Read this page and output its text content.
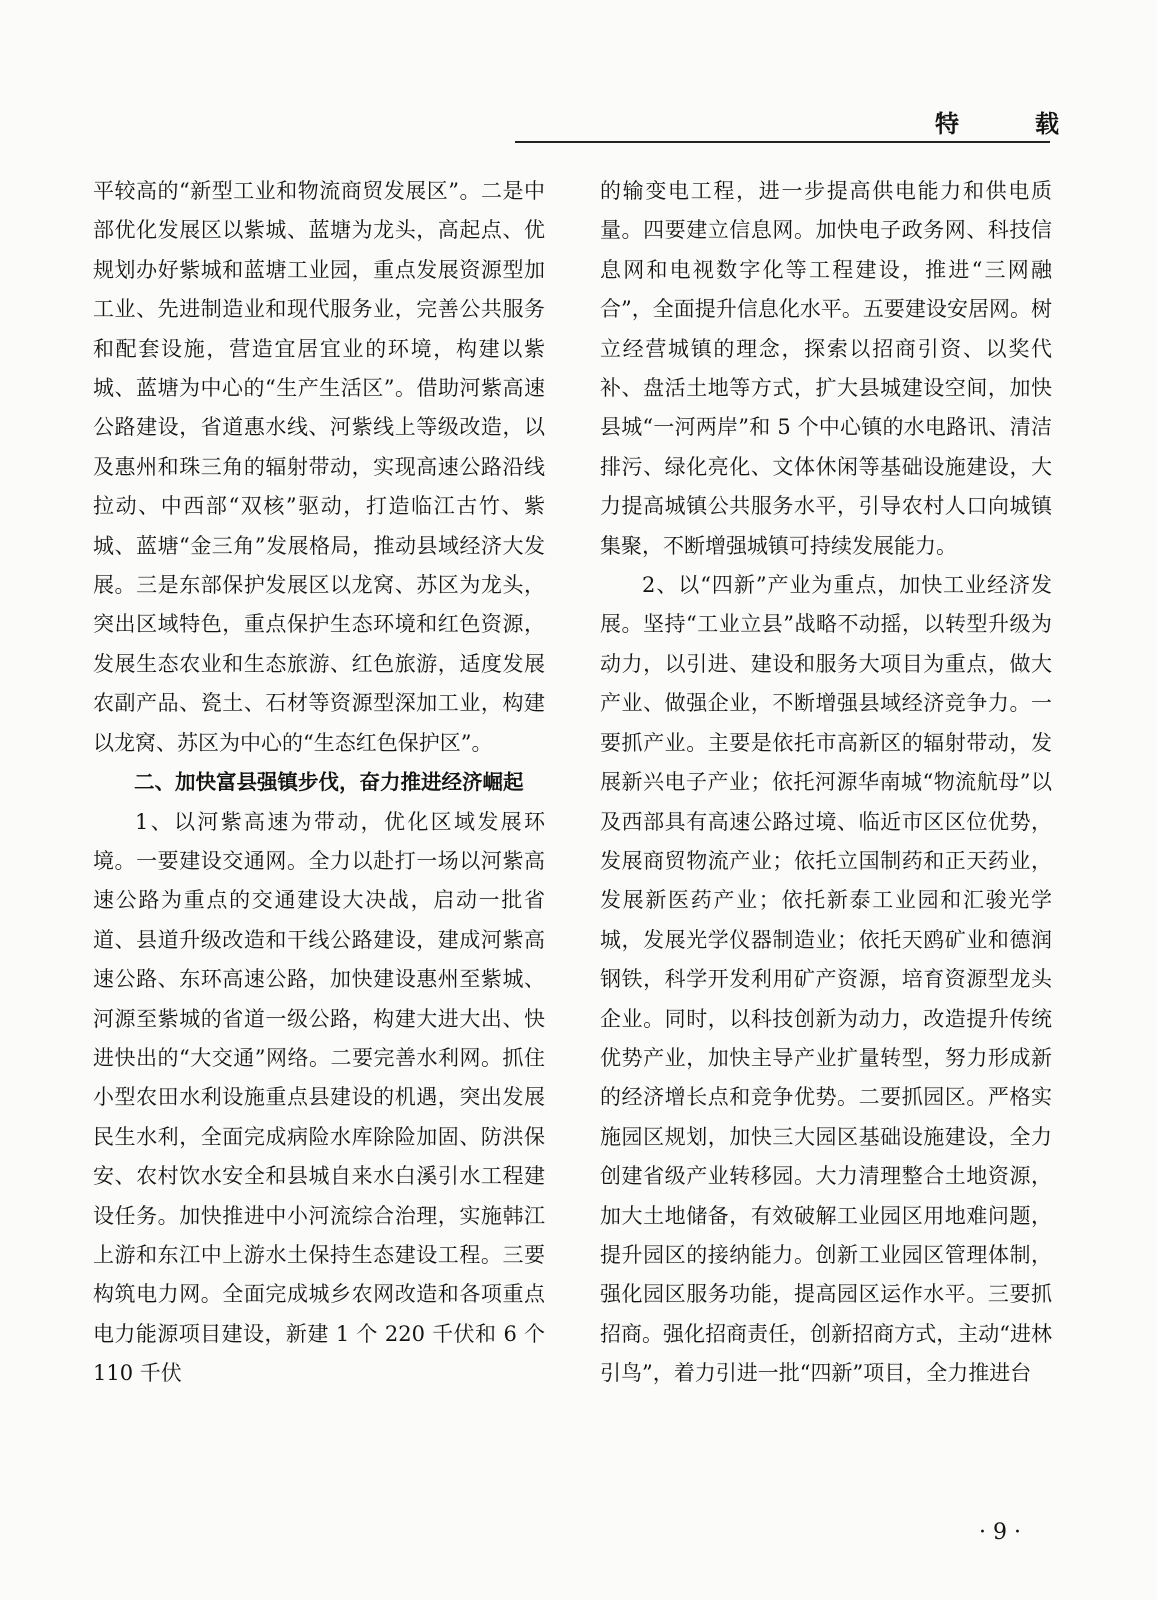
特　载

平较高的“新型工业和物流商贸发展区”。二是中部优化发展区以紫城、蓝塘为龙头，高起点、优规划办好紫城和蓝塘工业园，重点发展资源型加工业、先进制造业和现代服务业，完善公共服务和配套设施，营造宜居宜业的环境，构建以紫城、蓝塘为中心的“生产生活区”。借助河紫高速公路建设，省道惠水线、河紫线上等级改造，以及惠州和珠三角的辐射带动，实现高速公路沿线拉动、中西部“双核”驱动，打造临江古竹、紫城、蓝塘“金三角”发展格局，推动县域经济大发展。三是东部保护发展区以龙窝、苏区为龙头，突出区域特色，重点保护生态环境和红色资源，发展生态农业和生态旅游、红色旅游，适度发展农副产品、瓷土、石材等资源型深加工业，构建以龙窝、苏区为中心的“生态红色保护区”。

二、加快富县强镇步伐，奋力推进经济崛起

1、以河紫高速为带动，优化区域发展环境。一要建设交通网。全力以赴打一场以河紫高速公路为重点的交通建设大决战，启动一批省道、县道升级改造和干线公路建设，建成河紫高速公路、东环高速公路，加快建设惠州至紫城、河源至紫城的省道一级公路，构建大进大出、快进快出的“大交通”网络。二要完善水利网。抓住小型农田水利设施重点县建设的机遇，突出发展民生水利，全面完成病险水库除险加固、防洪保安、农村饮水安全和县城自来水白溪引水工程建设任务。加快推进中小河流综合治理，实施韩江上游和东江中上游水土保持生态建设工程。三要构筑电力网。全面完成城乡农网改造和各项重点电力能源项目建设，新建 1 个 220 千伏和 6 个 110 千伏

的输变电工程，进一步提高供电能力和供电质量。四要建立信息网。加快电子政务网、科技信息网和电视数字化等工程建设，推进“三网融合”，全面提升信息化水平。五要建设安居网。树立经营城镇的理念，探索以招商引资、以奖代补、盘活土地等方式，扩大县城建设空间，加快县城“一河两岸”和 5 个中心镇的水电路讯、清洁排污、绿化亮化、文体休闲等基础设施建设，大力提高城镇公共服务水平，引导农村人口向城镇集聚，不断增强城镇可持续发展能力。

2、以“四新”产业为重点，加快工业经济发展。坚持“工业立县”战略不动摇，以转型升级为动力，以引进、建设和服务大项目为重点，做大产业、做强企业，不断增强县域经济竞争力。一要抓产业。主要是依托市高新区的辐射带动，发展新兴电子产业；依托河源华南城“物流航母”以及西部具有高速公路过境、临近市区区位优势，发展商贸物流产业；依托立国制药和正天药业，发展新医药产业；依托新泰工业园和汇骏光学城，发展光学仪器制造业；依托天鸥矿业和德润钢铁，科学开发利用矿产资源，培育资源型龙头企业。同时，以科技创新为动力，改造提升传统优势产业，加快主导产业扩量转型，努力形成新的经济增长点和竞争优势。二要抓园区。严格实施园区规划，加快三大园区基础设施建设，全力创建省级产业转移园。大力清理整合土地资源，加大土地储备，有效破解工业园区用地难问题，提升园区的接纳能力。创新工业园区管理体制，强化园区服务功能，提高园区运作水平。三要抓招商。强化招商责任，创新招商方式，主动“进林引鸟”，着力引进一批“四新”项目，全力推进台

· 9 ·
